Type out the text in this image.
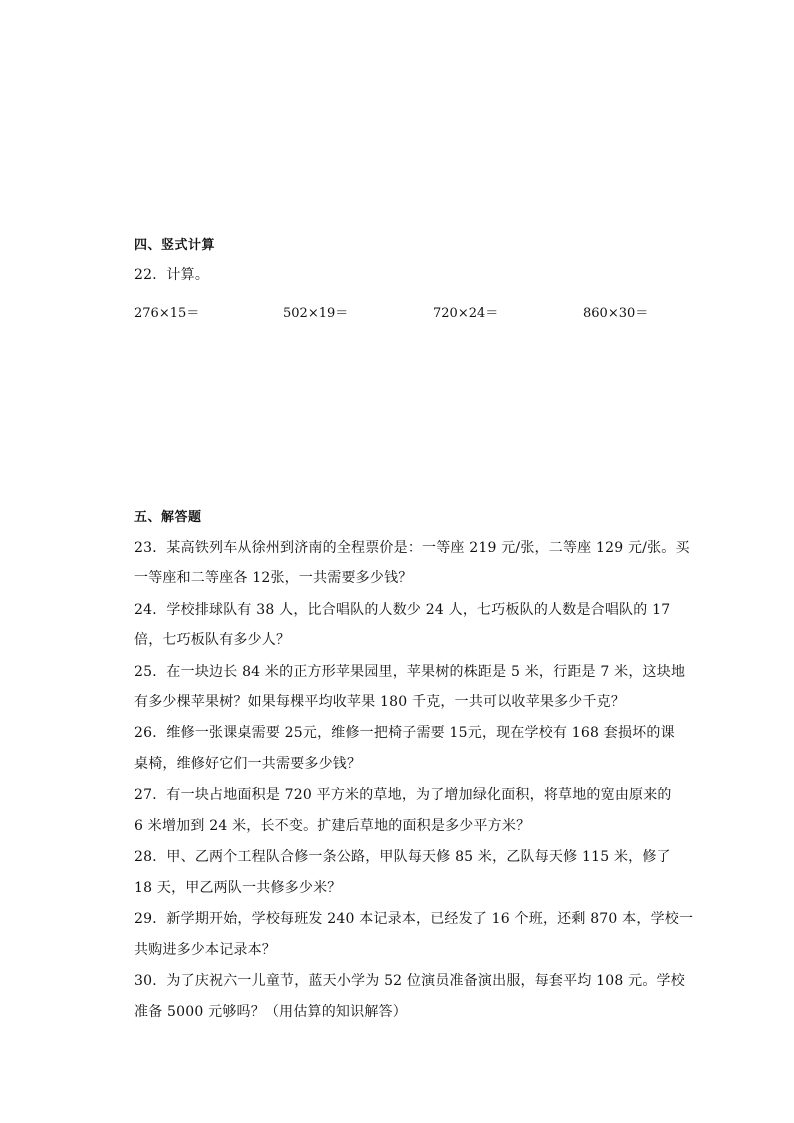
四、竖式计算
22．计算。
276×15＝	502×19＝	720×24＝	860×30＝
五、解答题
23．某高铁列车从徐州到济南的全程票价是：一等座 219 元/张，二等座 129 元/张。买
一等座和二等座各 12张，一共需要多少钱？
24．学校排球队有 38 人，比合唱队的人数少 24 人，七巧板队的人数是合唱队的 17
倍，七巧板队有多少人？
25．在一块边长 84 米的正方形苹果园里，苹果树的株距是 5 米，行距是 7 米，这块地
有多少棵苹果树？如果每棵平均收苹果 180 千克，一共可以收苹果多少千克？
26．维修一张课桌需要 25元，维修一把椅子需要 15元，现在学校有 168 套损坏的课
桌椅，维修好它们一共需要多少钱？
27．有一块占地面积是 720 平方米的草地，为了增加绿化面积，将草地的宽由原来的
6 米增加到 24 米，长不变。扩建后草地的面积是多少平方米？
28．甲、乙两个工程队合修一条公路，甲队每天修 85 米，乙队每天修 115 米，修了
18 天，甲乙两队一共修多少米？
29．新学期开始，学校每班发 240 本记录本，已经发了 16 个班，还剩 870 本，学校一
共购进多少本记录本？
30．为了庆祝六一儿童节，蓝天小学为 52 位演员准备演出服，每套平均 108 元。学校
准备 5000 元够吗？（用估算的知识解答）
